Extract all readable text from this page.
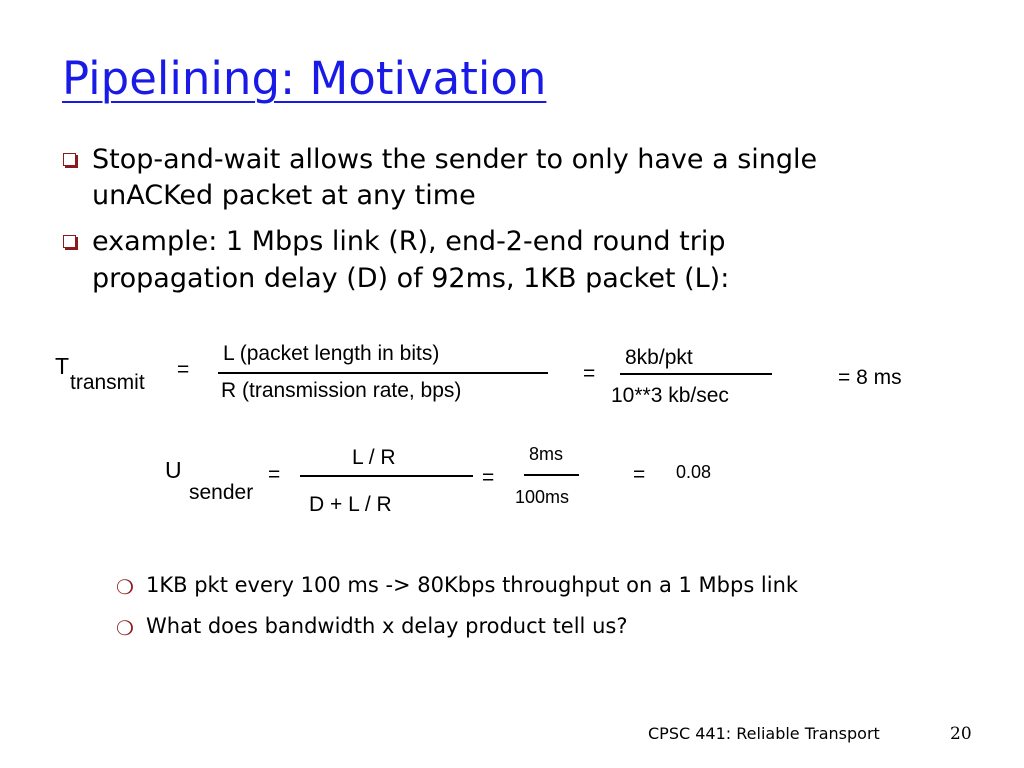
Pipelining: Motivation
Stop-and-wait allows the sender to only have a single
unACKed packet at any time
example: 1 Mbps link (R), end-2-end round trip
propagation delay (D) of 92ms, 1KB packet (L):
T
transmit
=
L (packet length in bits)
R (transmission rate, bps)
=
8kb/pkt
10**3 kb/sec
= 8 ms
U
sender
=
L / R
D + L / R
=
8ms
100ms
= 0.08
❍ 1KB pkt every 100 ms -> 80Kbps throughput on a 1 Mbps link
❍ What does bandwidth x delay product tell us?
CPSC 441: Reliable Transport	20
